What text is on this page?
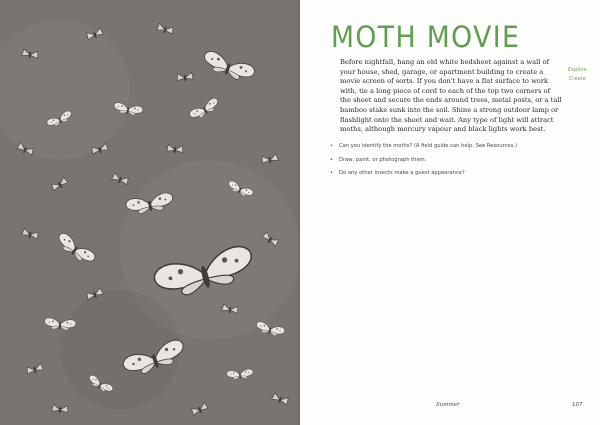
MOTH MOVIE
Explore
Create
Before nightfall, hang an old white bedsheet against a wall of your house, shed, garage, or apartment building to create a movie screen of sorts. If you don't have a flat surface to work with, tie a long piece of cord to each of the top two corners of the sheet and secure the ends around trees, metal posts, or a tall bamboo stake sunk into the soil. Shine a strong outdoor lamp or flashlight onto the sheet and wait. Any type of light will attract moths, although mercury vapour and black lights work best.
• Can you identify the moths? (A field guide can help. See Resources.)
• Draw, paint, or photograph them.
• Do any other insects make a guest appearance?
Summer	107
